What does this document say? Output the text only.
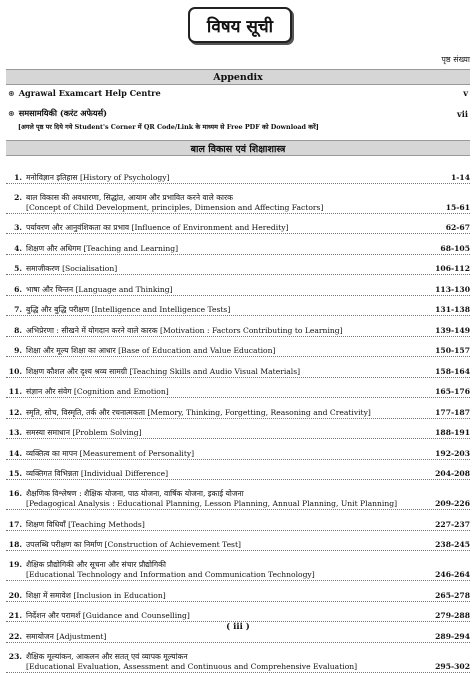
विषय सूची
पृष्ठ संख्या
Appendix
⊛ Agrawal Examcart Help Centre	v
⊛ समसामयिकी (करंट अफेयर्स)	vii
[अगले पृष्ठ पर दिये गये Student's Corner में QR Code/Link के माध्यम से Free PDF को Download करें]
बाल विकास एवं शिक्षाशास्त्र
1. मनोविज्ञान इतिहास [History of Psychology]	1-14
2. बाल विकास की अवधारणा, सिद्धांत, आयाम और प्रभावित करने वाले कारक
[Concept of Child Development, principles, Dimension and Affecting Factors]	15-61
3. पर्यावरण और आनुवंशिकता का प्रभाव [Influence of Environment and Heredity]	62-67
4. शिक्षण और अधिगम [Teaching and Learning]	68-105
5. समाजीकरण [Socialisation]	106-112
6. भाषा और चिन्तन [Language and Thinking]	113-130
7. बुद्धि और बुद्धि परीक्षण [Intelligence and Intelligence Tests]	131-138
8. अभिप्रेरणा : सीखने में योगदान करने वाले कारक [Motivation : Factors Contributing to Learning]	139-149
9. शिक्षा और मूल्य शिक्षा का आधार [Base of Education and Value Education]	150-157
10. शिक्षण कौशल और दृश्य श्रव्य सामग्री [Teaching Skills and Audio Visual Materials]	158-164
11. संज्ञान और संवेग [Cognition and Emotion]	165-176
12. स्मृति, सोच, विस्मृति, तर्क और रचनात्मकता [Memory, Thinking, Forgetting, Reasoning and Creativity]	177-187
13. समस्या समाधान [Problem Solving]	188-191
14. व्यक्तित्व का मापन [Measurement of Personality]	192-203
15. व्यक्तिगत विभिन्नता [Individual Difference]	204-208
16. शैक्षणिक विश्लेषण : शैक्षिक योजना, पाठ योजना, वार्षिक योजना, इकाई योजना
[Pedagogical Analysis : Educational Planning, Lesson Planning, Annual Planning, Unit Planning]	209-226
17. शिक्षण विधियाँ [Teaching Methods]	227-237
18. उपलब्धि परीक्षण का निर्माण [Construction of Achievement Test]	238-245
19. शैक्षिक प्रौद्योगिकी और सूचना और संचार प्रौद्योगिकी
[Educational Technology and Information and Communication Technology]	246-264
20. शिक्षा में समावेश [Inclusion in Education]	265-278
21. निर्देशन और परामर्श [Guidance and Counselling]	279-288
22. समायोजन [Adjustment]	289-294
23. शैक्षिक मूल्यांकन, आकलन और सतत् एवं व्यापक मूल्यांकन
[Educational Evaluation, Assessment and Continuous and Comprehensive Evaluation]	295-302
( iii )
